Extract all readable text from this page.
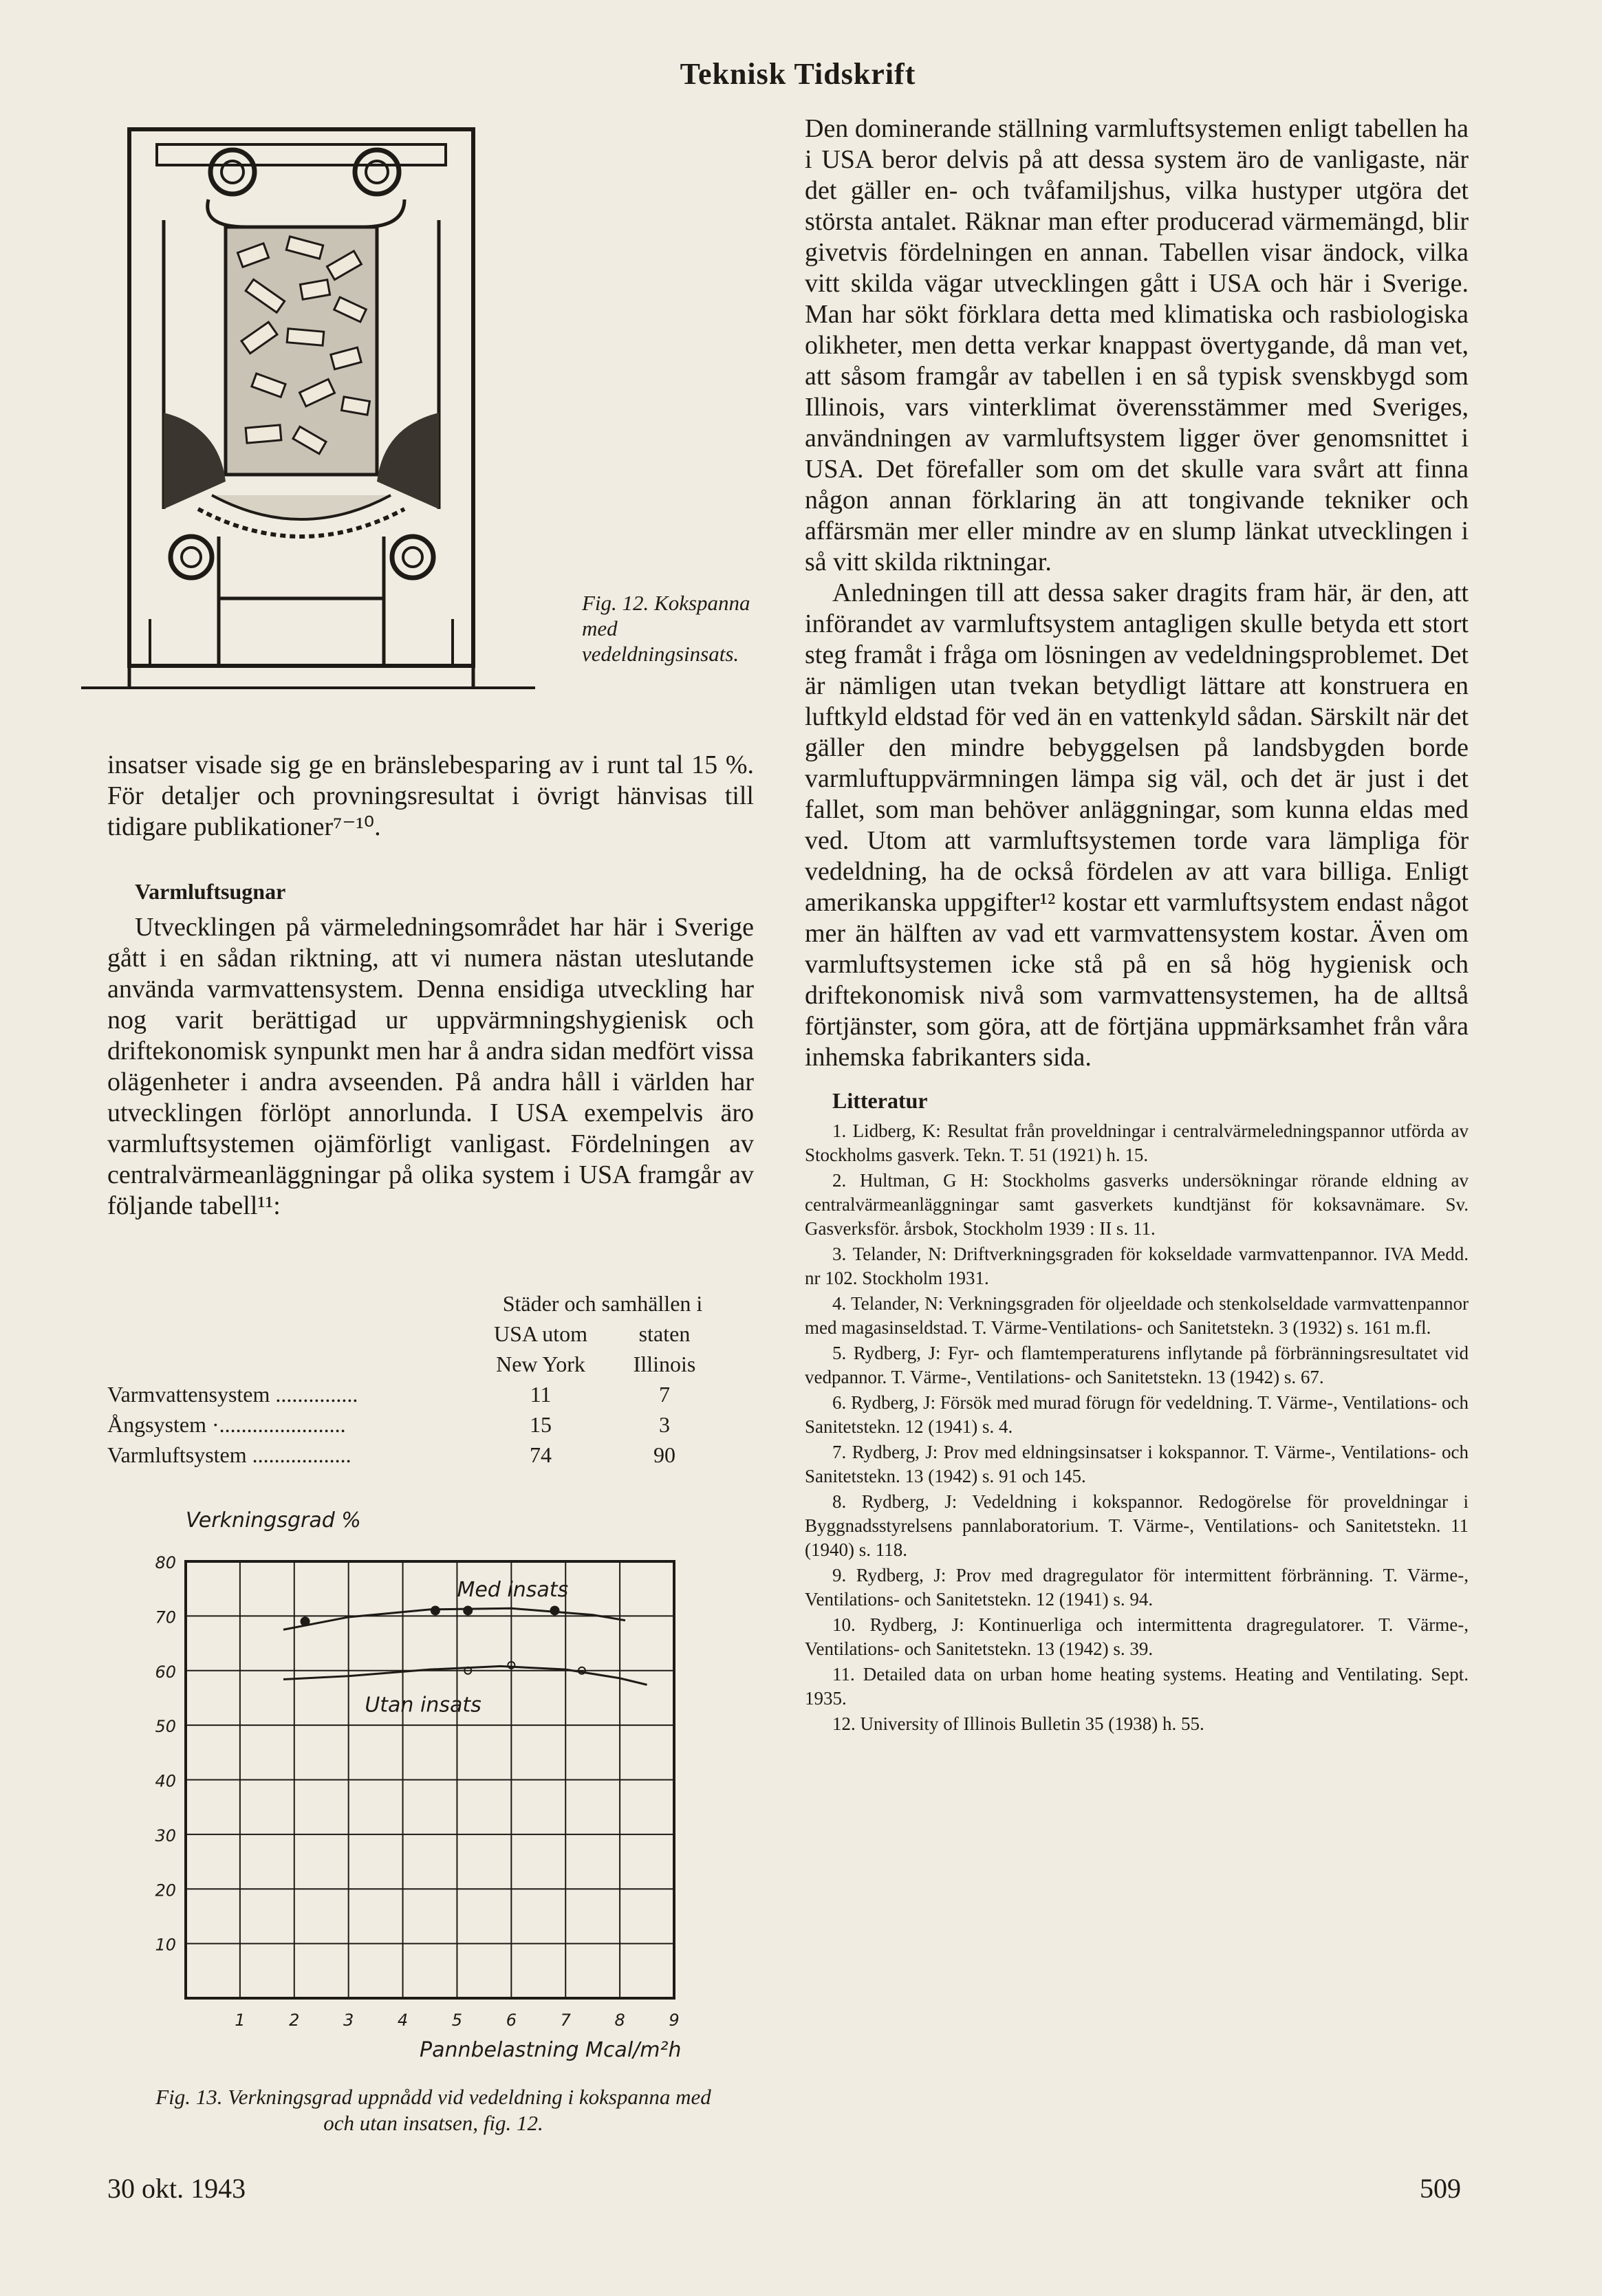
Teknisk Tidskrift
Fig. 12. Kokspanna med vedeldningsinsats.

insatser visade sig ge en bränslebesparing av i runt tal 15 %. För detaljer och provningsresultat i övrigt hänvisas till tidigare publikationer⁷⁻¹⁰.

Varmluftsugnar

Utvecklingen på värmeledningsområdet har här i Sverige gått i en sådan riktning, att vi numera nästan uteslutande använda varmvattensystem. Denna ensidiga utveckling har nog varit berättigad ur uppvärmningshygienisk och driftekonomisk synpunkt men har å andra sidan medfört vissa olägenheter i andra avseenden. På andra håll i världen har utvecklingen förlöpt annorlunda. I USA exempelvis äro varmluftsystemen ojämförligt vanligast. Fördelningen av centralvärmeanläggningar på olika system i USA framgår av följande tabell¹¹:

	Städer och samhällen i	
	USA utom	staten
	New York	Illinois
Varmvattensystem ...............	11	7
Ångsystem ·.......................	15	3
Varmluftsystem ..................	74	90
10
20
30
40
50
60
70
80
1	2	3	4	5	6	7	8	9
Verkningsgrad %
Pannbelastning Mcal/m²h
Med insats
Utan insats
Fig. 13. Verkningsgrad uppnådd vid vedeldning i kokspanna med och utan insatsen, fig. 12.

Den dominerande ställning varmluftsystemen enligt tabellen ha i USA beror delvis på att dessa system äro de vanligaste, när det gäller en- och tvåfamiljshus, vilka hustyper utgöra det största antalet. Räknar man efter producerad värmemängd, blir givetvis fördelningen en annan. Tabellen visar ändock, vilka vitt skilda vägar utvecklingen gått i USA och här i Sverige. Man har sökt förklara detta med klimatiska och rasbiologiska olikheter, men detta verkar knappast övertygande, då man vet, att såsom framgår av tabellen i en så typisk svenskbygd som Illinois, vars vinterklimat överensstämmer med Sveriges, användningen av varmluftsystem ligger över genomsnittet i USA. Det förefaller som om det skulle vara svårt att finna någon annan förklaring än att tongivande tekniker och affärsmän mer eller mindre av en slump länkat utvecklingen i så vitt skilda riktningar.

Anledningen till att dessa saker dragits fram här, är den, att införandet av varmluftsystem antagligen skulle betyda ett stort steg framåt i fråga om lösningen av vedeldningsproblemet. Det är nämligen utan tvekan betydligt lättare att konstruera en luftkyld eldstad för ved än en vattenkyld sådan. Särskilt när det gäller den mindre bebyggelsen på landsbygden borde varmluftuppvärmningen lämpa sig väl, och det är just i det fallet, som man behöver anläggningar, som kunna eldas med ved. Utom att varmluftsystemen torde vara lämpliga för vedeldning, ha de också fördelen av att vara billiga. Enligt amerikanska uppgifter¹² kostar ett varmluftsystem endast något mer än hälften av vad ett varmvattensystem kostar. Även om varmluftsystemen icke stå på en så hög hygienisk och driftekonomisk nivå som varmvattensystemen, ha de alltså förtjänster, som göra, att de förtjäna uppmärksamhet från våra inhemska fabrikanters sida.

Litteratur
1. Lidberg, K: Resultat från proveldningar i centralvärmeledningspannor utförda av Stockholms gasverk. Tekn. T. 51 (1921) h. 15.
2. Hultman, G H: Stockholms gasverks undersökningar rörande eldning av centralvärmeanläggningar samt gasverkets kundtjänst för koksavnämare. Sv. Gasverksför. årsbok, Stockholm 1939 : II s. 11.
3. Telander, N: Driftverkningsgraden för kokseldade varmvattenpannor. IVA Medd. nr 102. Stockholm 1931.
4. Telander, N: Verkningsgraden för oljeeldade och stenkolseldade varmvattenpannor med magasinseldstad. T. Värme-Ventilations- och Sanitetstekn. 3 (1932) s. 161 m.fl.
5. Rydberg, J: Fyr- och flamtemperaturens inflytande på förbränningsresultatet vid vedpannor. T. Värme-, Ventilations- och Sanitetstekn. 13 (1942) s. 67.
6. Rydberg, J: Försök med murad förugn för vedeldning. T. Värme-, Ventilations- och Sanitetstekn. 12 (1941) s. 4.
7. Rydberg, J: Prov med eldningsinsatser i kokspannor. T. Värme-, Ventilations- och Sanitetstekn. 13 (1942) s. 91 och 145.
8. Rydberg, J: Vedeldning i kokspannor. Redogörelse för proveldningar i Byggnadsstyrelsens pannlaboratorium. T. Värme-, Ventilations- och Sanitetstekn. 11 (1940) s. 118.
9. Rydberg, J: Prov med dragregulator för intermittent förbränning. T. Värme-, Ventilations- och Sanitetstekn. 12 (1941) s. 94.
10. Rydberg, J: Kontinuerliga och intermittenta dragregulatorer. T. Värme-, Ventilations- och Sanitetstekn. 13 (1942) s. 39.
11. Detailed data on urban home heating systems. Heating and Ventilating. Sept. 1935.
12. University of Illinois Bulletin 35 (1938) h. 55.
30 okt. 1943	509
